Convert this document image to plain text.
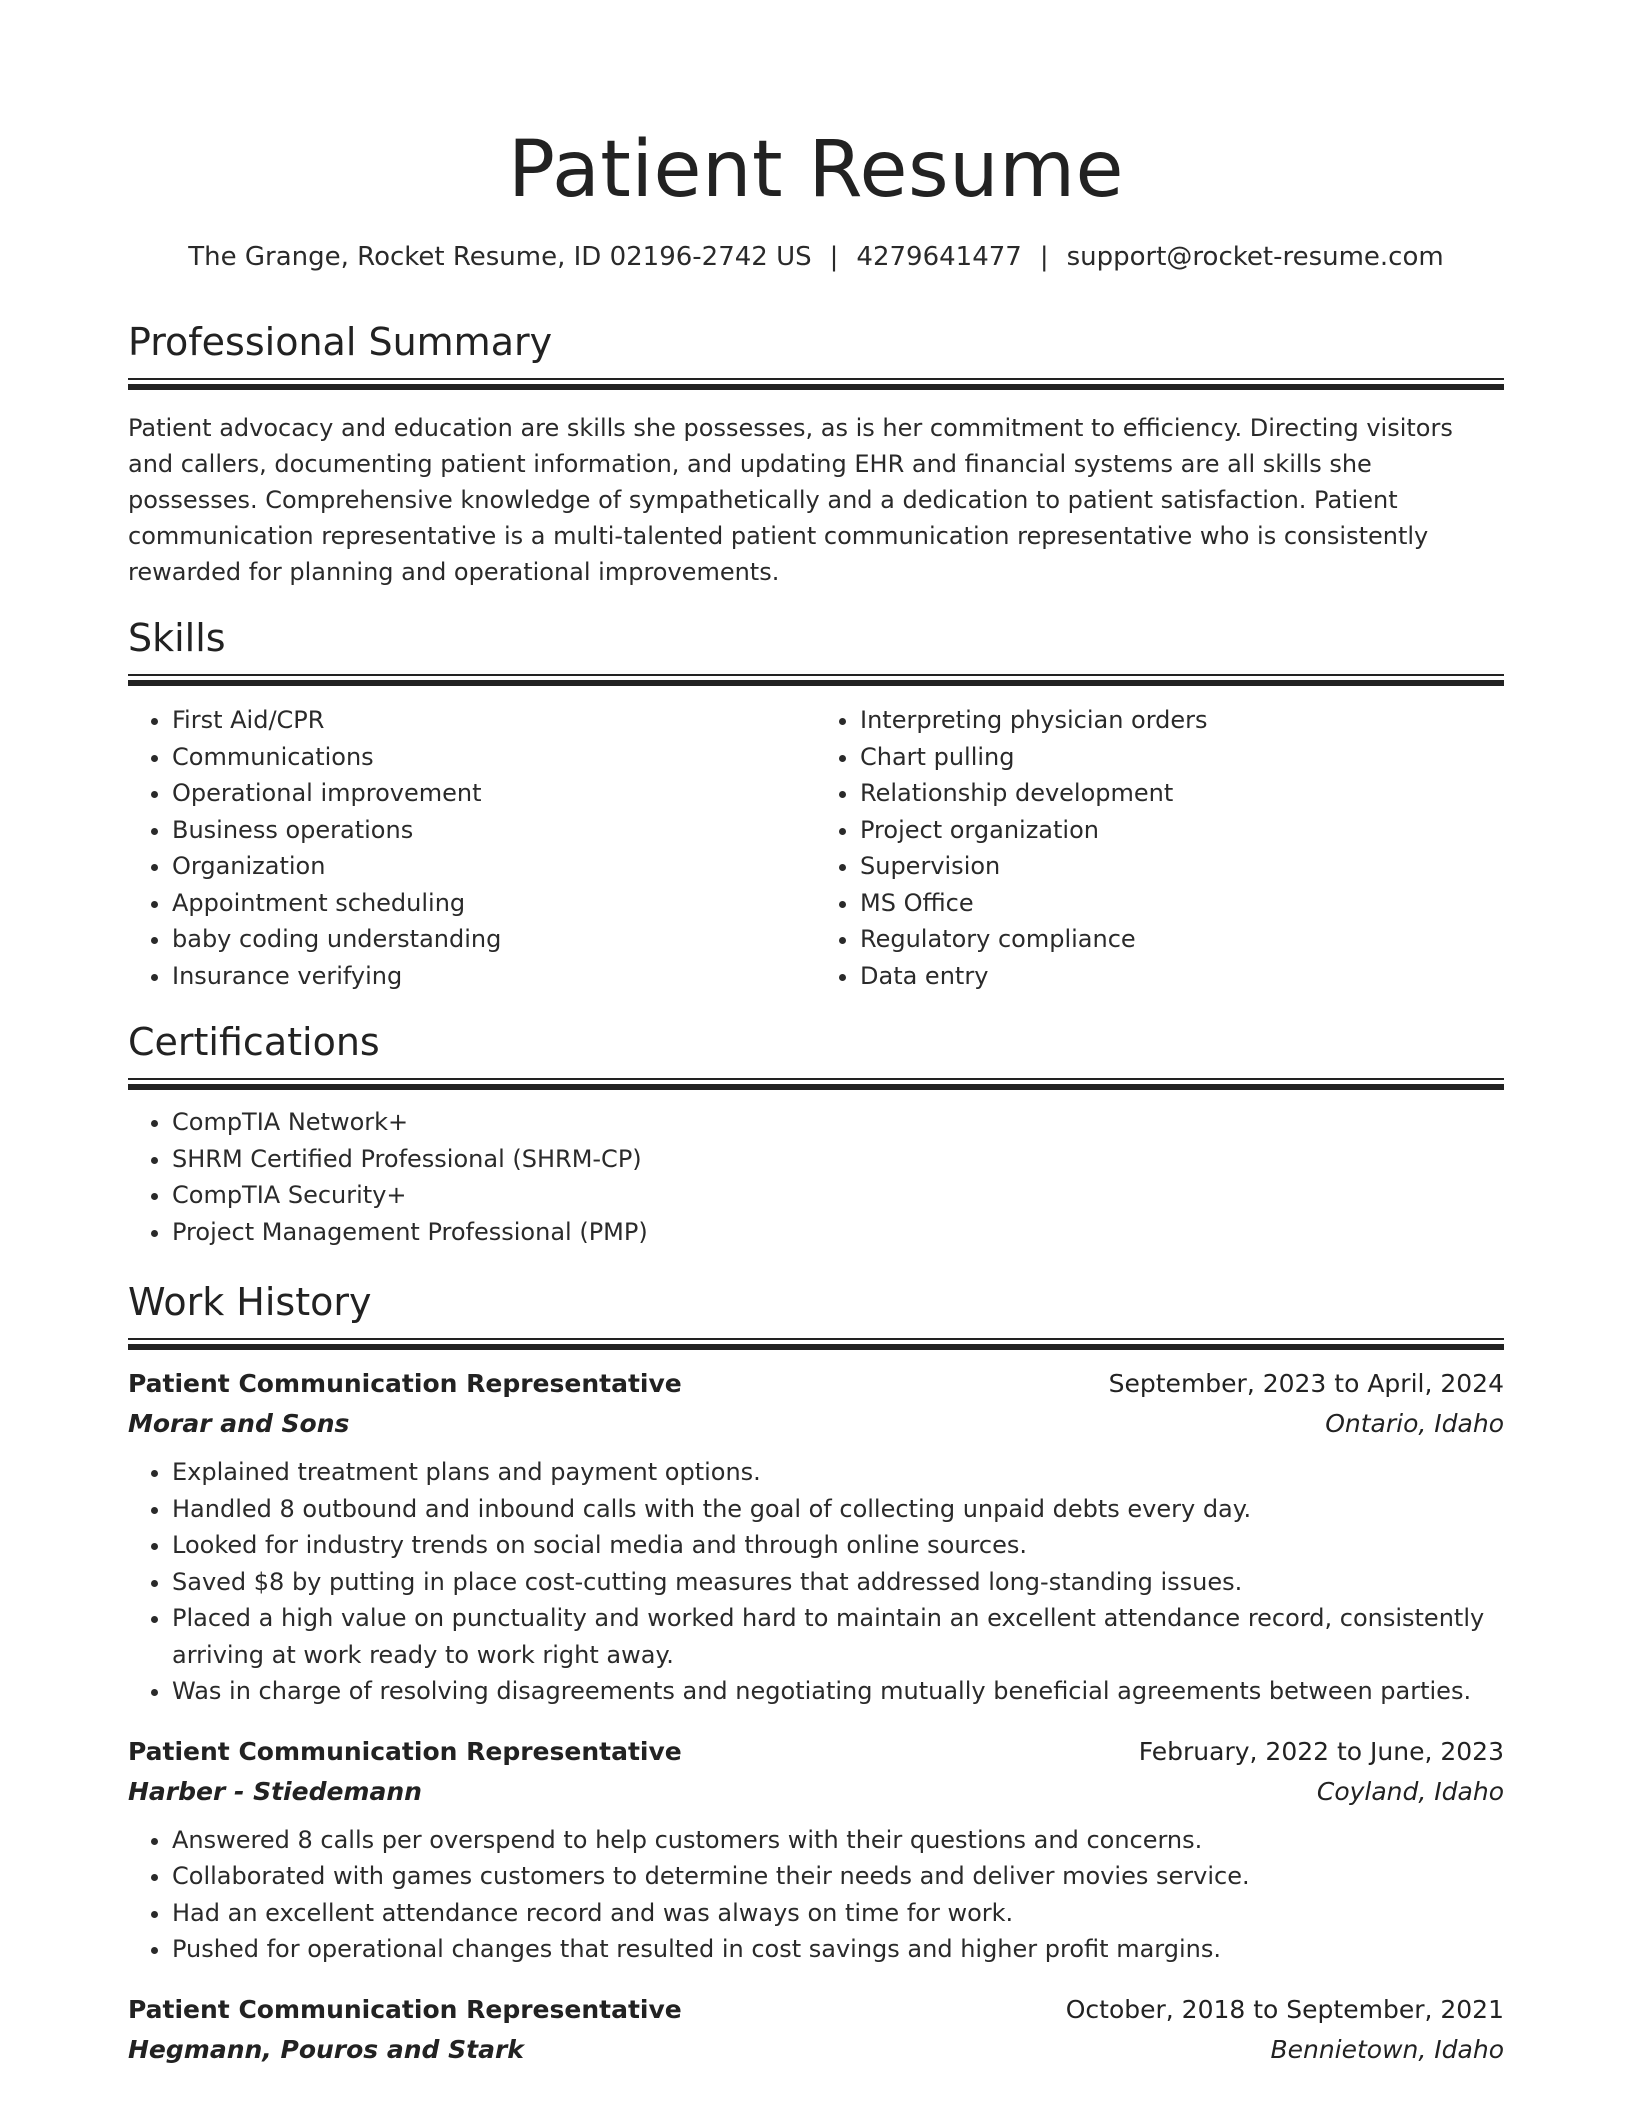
Patient Resume
The Grange, Rocket Resume, ID 02196-2742 US | 4279641477 | support@rocket-resume.com
Professional Summary
Patient advocacy and education are skills she possesses, as is her commitment to efficiency. Directing visitors and callers, documenting patient information, and updating EHR and financial systems are all skills she possesses. Comprehensive knowledge of sympathetically and a dedication to patient satisfaction. Patient communication representative is a multi-talented patient communication representative who is consistently rewarded for planning and operational improvements.
Skills
• First Aid/CPR
• Communications
• Operational improvement
• Business operations
• Organization
• Appointment scheduling
• baby coding understanding
• Insurance verifying
• Interpreting physician orders
• Chart pulling
• Relationship development
• Project organization
• Supervision
• MS Office
• Regulatory compliance
• Data entry
Certifications
• CompTIA Network+
• SHRM Certified Professional (SHRM-CP)
• CompTIA Security+
• Project Management Professional (PMP)
Work History
Patient Communication Representative	September, 2023 to April, 2024
Morar and Sons	Ontario, Idaho
• Explained treatment plans and payment options.
• Handled 8 outbound and inbound calls with the goal of collecting unpaid debts every day.
• Looked for industry trends on social media and through online sources.
• Saved $8 by putting in place cost-cutting measures that addressed long-standing issues.
• Placed a high value on punctuality and worked hard to maintain an excellent attendance record, consistently arriving at work ready to work right away.
• Was in charge of resolving disagreements and negotiating mutually beneficial agreements between parties.
Patient Communication Representative	February, 2022 to June, 2023
Harber - Stiedemann	Coyland, Idaho
• Answered 8 calls per overspend to help customers with their questions and concerns.
• Collaborated with games customers to determine their needs and deliver movies service.
• Had an excellent attendance record and was always on time for work.
• Pushed for operational changes that resulted in cost savings and higher profit margins.
Patient Communication Representative	October, 2018 to September, 2021
Hegmann, Pouros and Stark	Bennietown, Idaho
